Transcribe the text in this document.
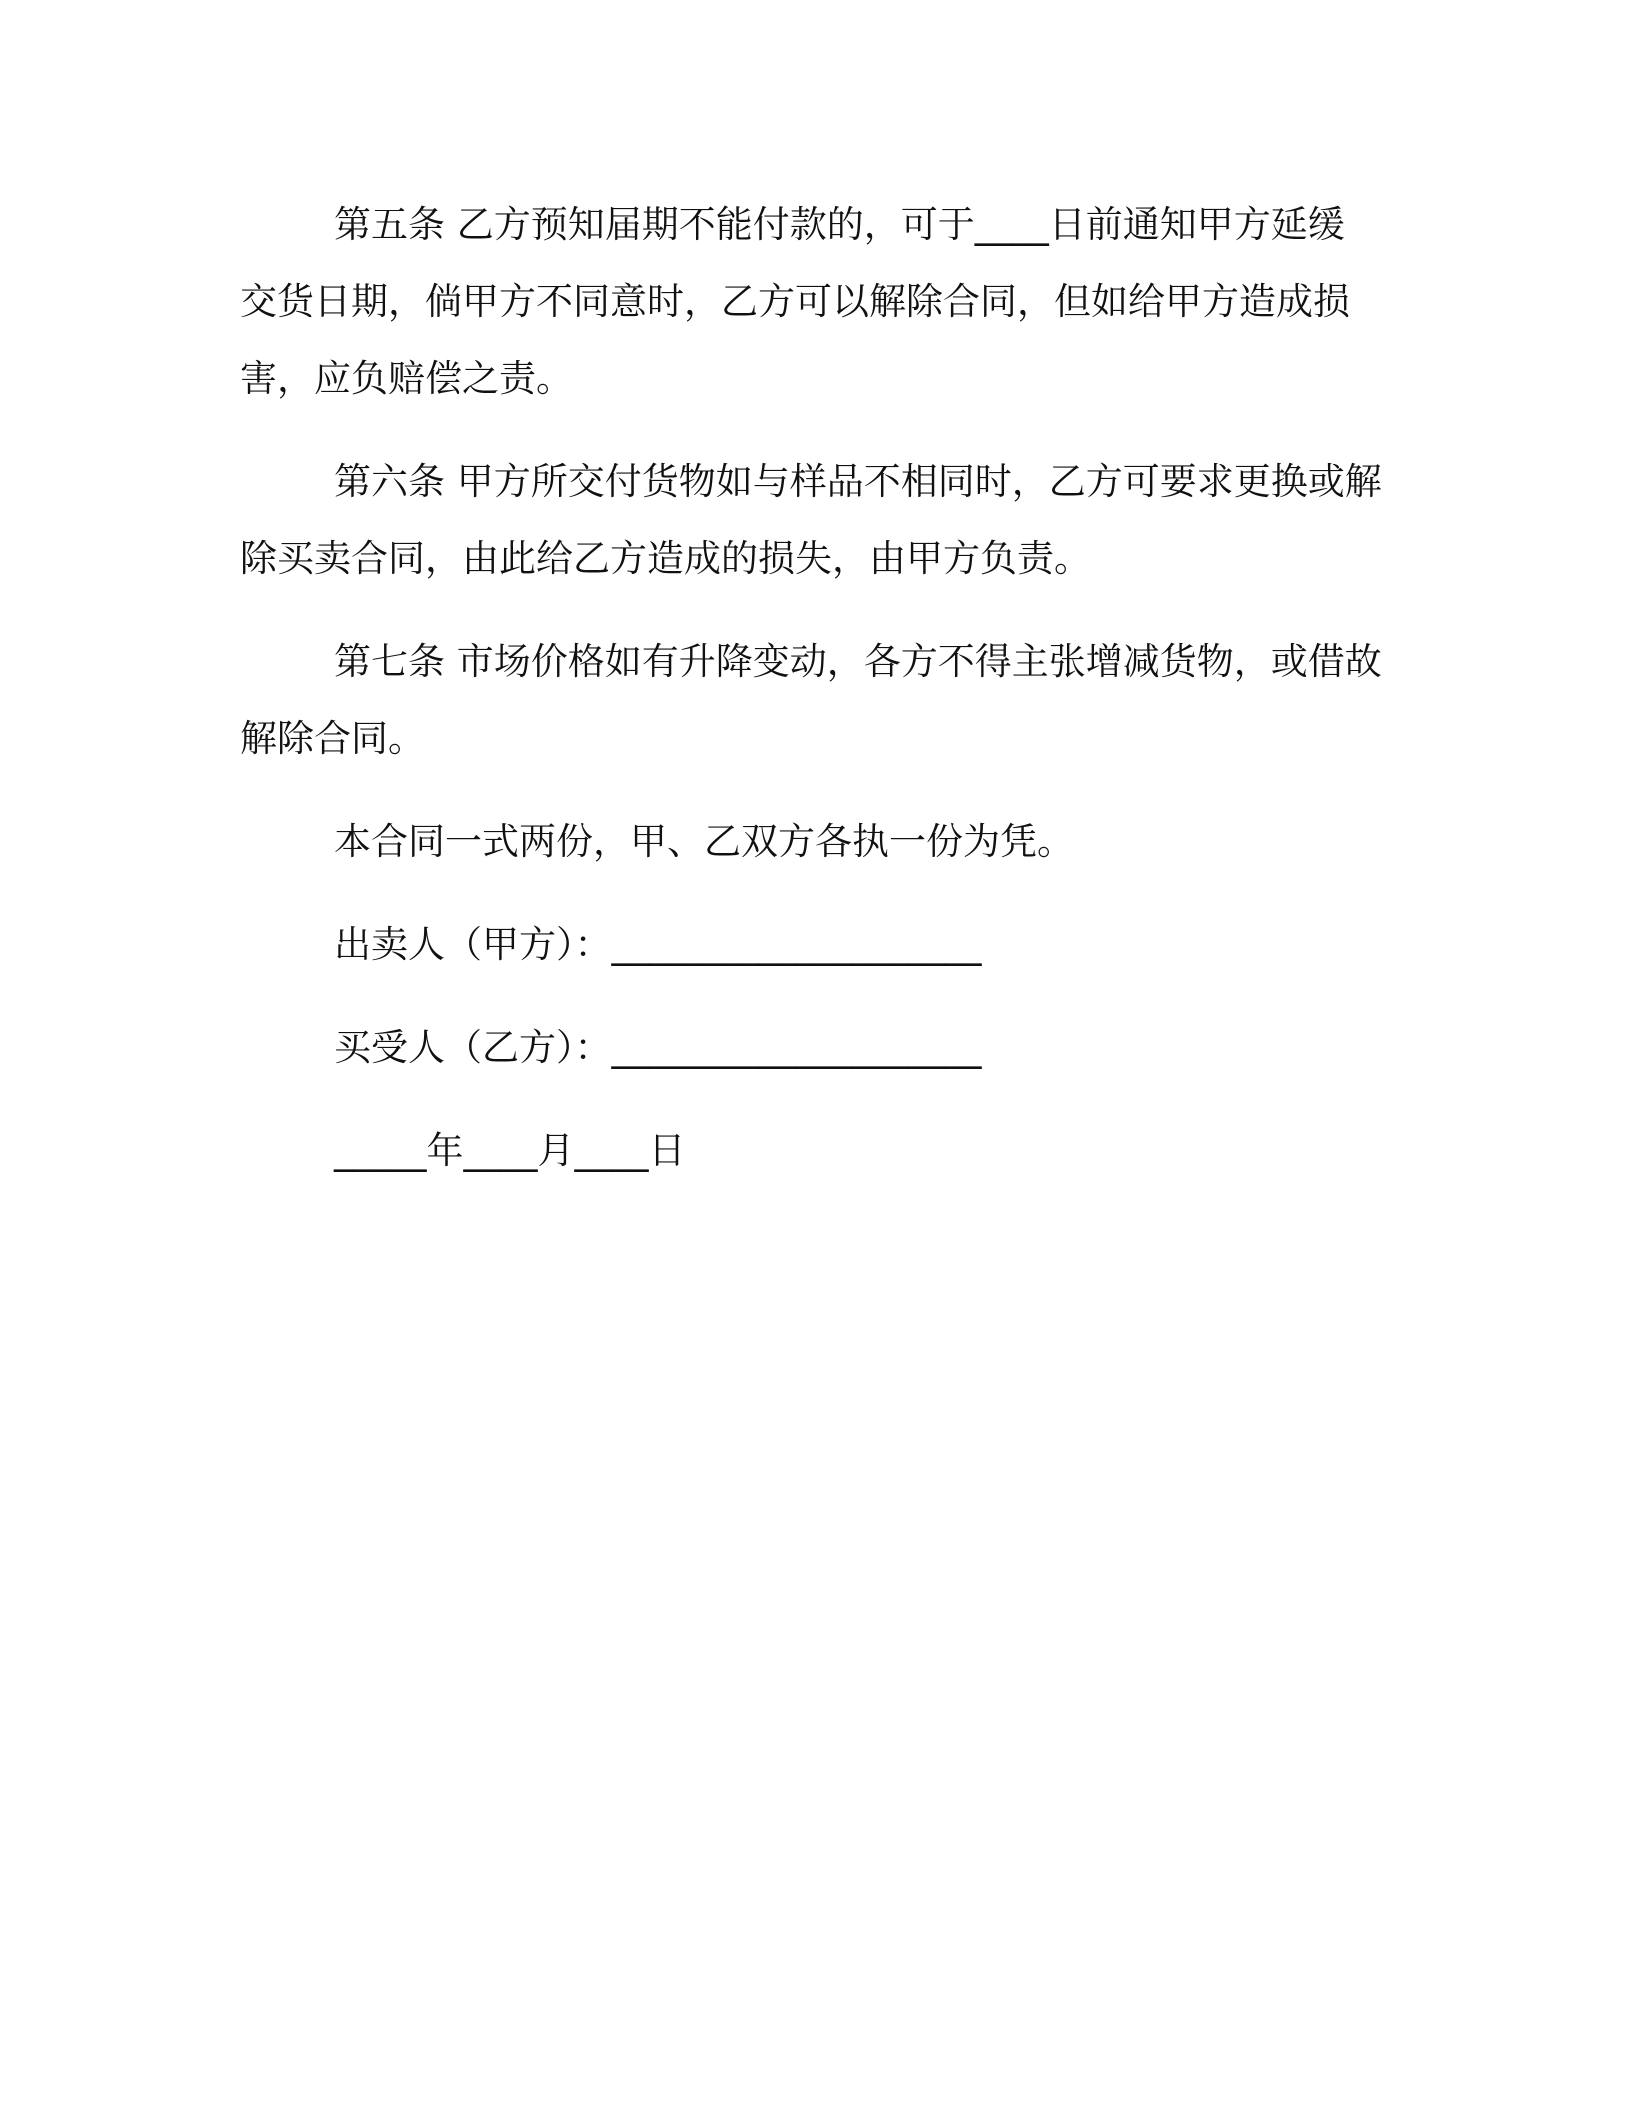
第五条 乙方预知届期不能付款的，可于____日前通知甲方延缓
交货日期，倘甲方不同意时，乙方可以解除合同，但如给甲方造成损
害，应负赔偿之责。
第六条 甲方所交付货物如与样品不相同时，乙方可要求更换或解
除买卖合同，由此给乙方造成的损失，由甲方负责。
第七条 市场价格如有升降变动，各方不得主张增减货物，或借故
解除合同。
本合同一式两份，甲、乙双方各执一份为凭。
出卖人（甲方）：____________________
买受人（乙方）：____________________
_____年____月____日
